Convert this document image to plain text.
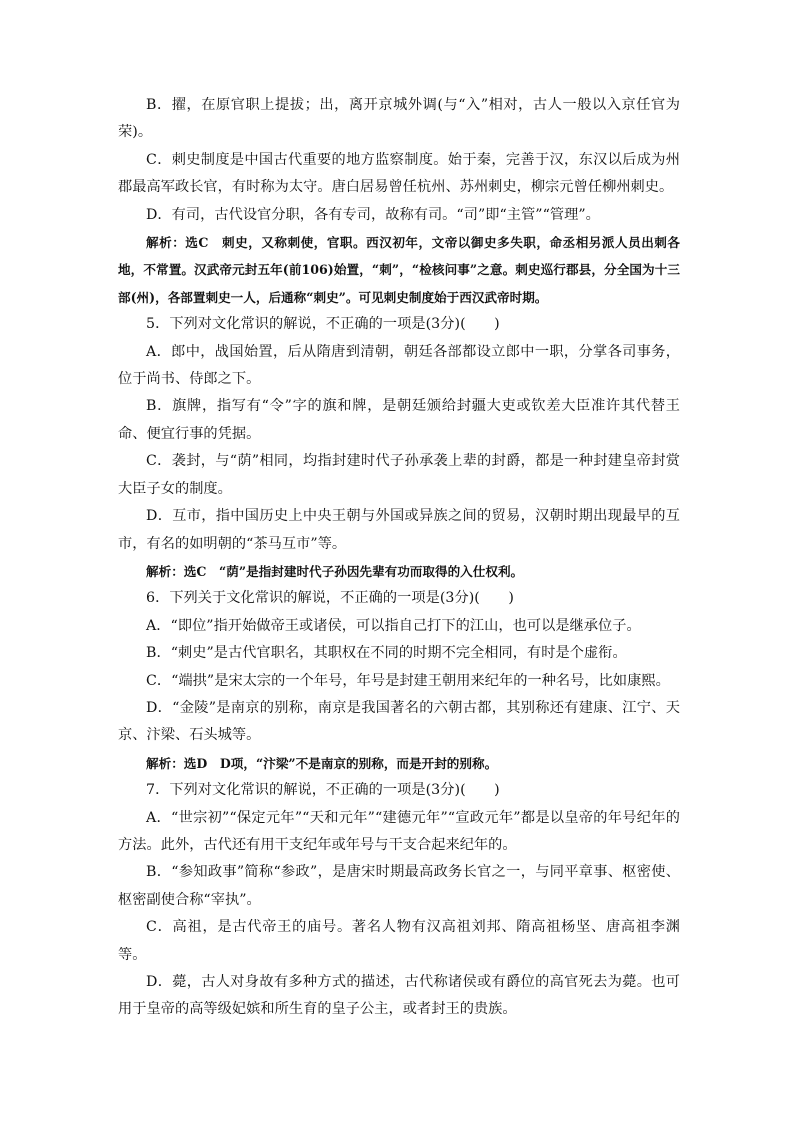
B．擢，在原官职上提拔；出，离开京城外调(与“入”相对，古人一般以入京任官为荣)。

C．刺史制度是中国古代重要的地方监察制度。始于秦，完善于汉，东汉以后成为州郡最高军政长官，有时称为太守。唐白居易曾任杭州、苏州刺史，柳宗元曾任柳州刺史。

D．有司，古代设官分职，各有专司，故称有司。“司”即“主管”“管理”。

解析：选C　刺史，又称刺使，官职。西汉初年，文帝以御史多失职，命丞相另派人员出刺各地，不常置。汉武帝元封五年(前106)始置，“刺”，“检核问事”之意。刺史巡行郡县，分全国为十三部(州)，各部置刺史一人，后通称“刺史”。可见刺史制度始于西汉武帝时期。

5．下列对文化常识的解说，不正确的一项是(3分)(　　)

A．郎中，战国始置，后从隋唐到清朝，朝廷各部都设立郎中一职，分掌各司事务，位于尚书、侍郎之下。

B．旗牌，指写有“令”字的旗和牌，是朝廷颁给封疆大吏或钦差大臣准许其代替王命、便宜行事的凭据。

C．袭封，与“荫”相同，均指封建时代子孙承袭上辈的封爵，都是一种封建皇帝封赏大臣子女的制度。

D．互市，指中国历史上中央王朝与外国或异族之间的贸易，汉朝时期出现最早的互市，有名的如明朝的“茶马互市”等。

解析：选C　“荫”是指封建时代子孙因先辈有功而取得的入仕权利。

6．下列关于文化常识的解说，不正确的一项是(3分)(　　)

A．“即位”指开始做帝王或诸侯，可以指自己打下的江山，也可以是继承位子。

B．“刺史”是古代官职名，其职权在不同的时期不完全相同，有时是个虚衔。

C．“端拱”是宋太宗的一个年号，年号是封建王朝用来纪年的一种名号，比如康熙。

D．“金陵”是南京的别称，南京是我国著名的六朝古都，其别称还有建康、江宁、天京、汴梁、石头城等。

解析：选D　D项，“汴梁”不是南京的别称，而是开封的别称。

7．下列对文化常识的解说，不正确的一项是(3分)(　　)

A．“世宗初”“保定元年”“天和元年”“建德元年”“宣政元年”都是以皇帝的年号纪年的方法。此外，古代还有用干支纪年或年号与干支合起来纪年的。

B．“参知政事”简称“参政”，是唐宋时期最高政务长官之一，与同平章事、枢密使、枢密副使合称“宰执”。

C．高祖，是古代帝王的庙号。著名人物有汉高祖刘邦、隋高祖杨坚、唐高祖李渊等。

D．薨，古人对身故有多种方式的描述，古代称诸侯或有爵位的高官死去为薨。也可用于皇帝的高等级妃嫔和所生育的皇子公主，或者封王的贵族。
